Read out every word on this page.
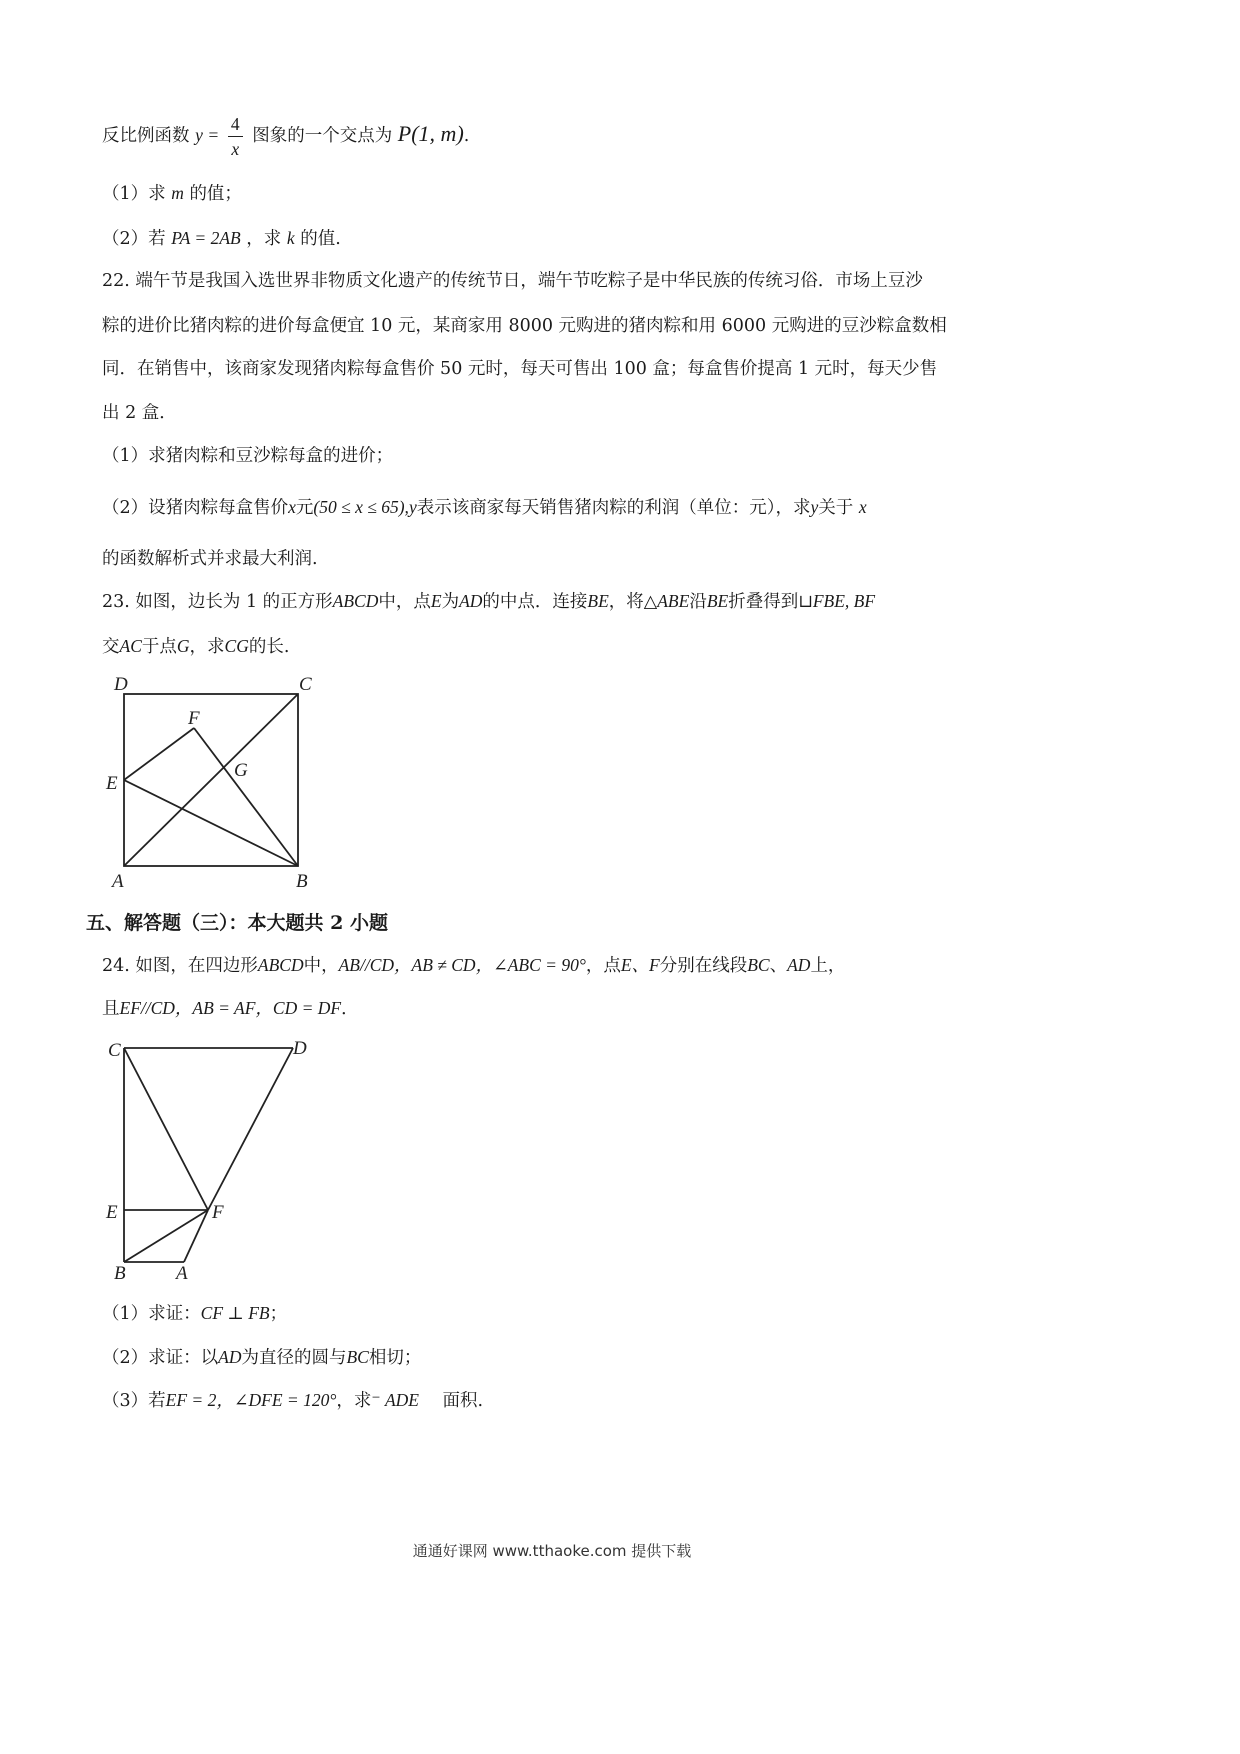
反比例函数 $y = \frac{4}{x}$ 图象的一个交点为 P(1, m).
（1）求 m 的值；
（2）若 PA = 2AB ，求 k 的值.
22. 端午节是我国入选世界非物质文化遗产的传统节日，端午节吃粽子是中华民族的传统习俗．市场上豆沙
粽的进价比猪肉粽的进价每盒便宜 10 元，某商家用 8000 元购进的猪肉粽和用 6000 元购进的豆沙粽盒数相
同．在销售中，该商家发现猪肉粽每盒售价 50 元时，每天可售出 100 盒；每盒售价提高 1 元时，每天少售
出 2 盒．
（1）求猪肉粽和豆沙粽每盒的进价；
（2）设猪肉粽每盒售价x元(50 ≤ x ≤ 65),y表示该商家每天销售猪肉粽的利润（单位：元），求y关于 x
的函数解析式并求最大利润.
23. 如图，边长为 1 的正方形ABCD中，点E为AD的中点．连接BE，将△ABE沿BE折叠得到⊔FBE, BF
交AC于点G，求CG的长.
D	C
F
G
E
A	B
五、解答题（三）：本大题共 2 小题
24. 如图，在四边形ABCD中，AB//CD，AB ≠ CD，∠ABC = 90°，点E、F分别在线段BC、AD上，
且EF//CD，AB = AF，CD = DF．
C	D
E	F
B	A
（1）求证：CF ⊥ FB；
（2）求证：以AD为直径的圆与BC相切；
（3）若EF = 2，∠DFE = 120°，求⁻ ADE 面积.
通通好课网 www.tthaoke.com 提供下载
